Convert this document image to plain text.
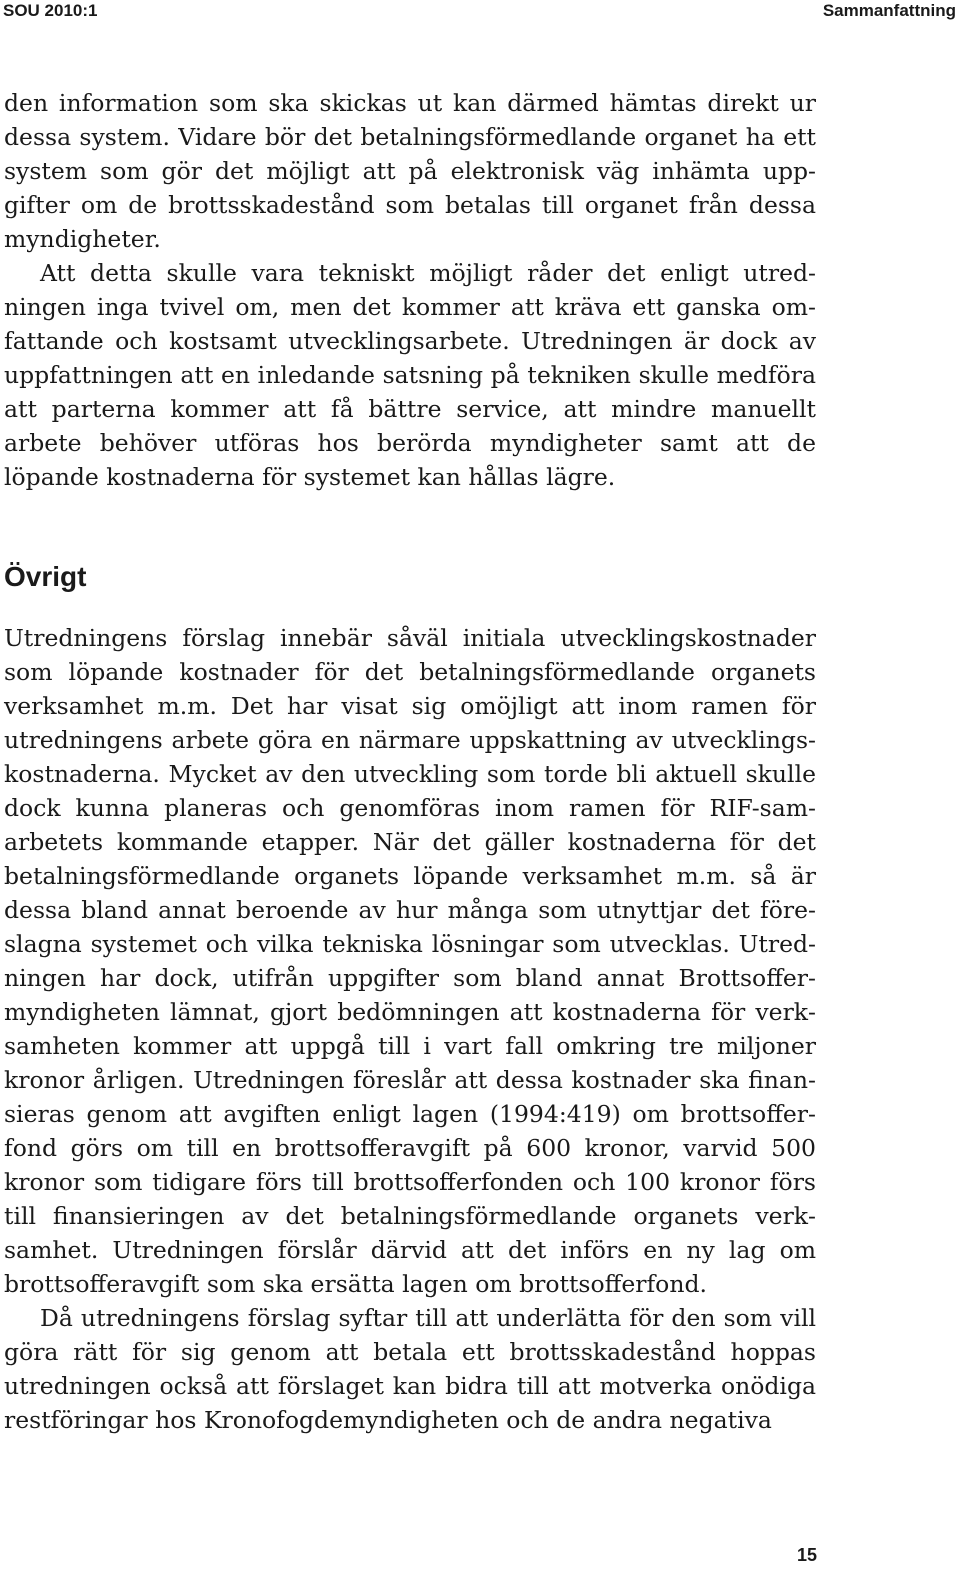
SOU 2010:1	Sammanfattning

den information som ska skickas ut kan därmed hämtas direkt ur dessa system. Vidare bör det betalningsförmedlande organet ha ett system som gör det möjligt att på elektronisk väg inhämta uppgifter om de brottsskadestånd som betalas till organet från dessa myndigheter.

Att detta skulle vara tekniskt möjligt råder det enligt utredningen inga tvivel om, men det kommer att kräva ett ganska omfattande och kostsamt utvecklingsarbete. Utredningen är dock av uppfattningen att en inledande satsning på tekniken skulle medföra att parterna kommer att få bättre service, att mindre manuellt arbete behöver utföras hos berörda myndigheter samt att de löpande kostnaderna för systemet kan hållas lägre.

Övrigt

Utredningens förslag innebär såväl initiala utvecklingskostnader som löpande kostnader för det betalningsförmedlande organets verksamhet m.m. Det har visat sig omöjligt att inom ramen för utredningens arbete göra en närmare uppskattning av utvecklingskostnaderna. Mycket av den utveckling som torde bli aktuell skulle dock kunna planeras och genomföras inom ramen för RIF-samarbetets kommande etapper. När det gäller kostnaderna för det betalningsförmedlande organets löpande verksamhet m.m. så är dessa bland annat beroende av hur många som utnyttjar det föreslagna systemet och vilka tekniska lösningar som utvecklas. Utredningen har dock, utifrån uppgifter som bland annat Brottsoffermyndigheten lämnat, gjort bedömningen att kostnaderna för verksamheten kommer att uppgå till i vart fall omkring tre miljoner kronor årligen. Utredningen föreslår att dessa kostnader ska finansieras genom att avgiften enligt lagen (1994:419) om brottsofferfond görs om till en brottsofferavgift på 600 kronor, varvid 500 kronor som tidigare förs till brottsofferfonden och 100 kronor förs till finansieringen av det betalningsförmedlande organets verksamhet. Utredningen förslår därvid att det införs en ny lag om brottsofferavgift som ska ersätta lagen om brottsofferfond.

Då utredningens förslag syftar till att underlätta för den som vill göra rätt för sig genom att betala ett brottsskadestånd hoppas utredningen också att förslaget kan bidra till att motverka onödiga restföringar hos Kronofogdemyndigheten och de andra negativa

15
